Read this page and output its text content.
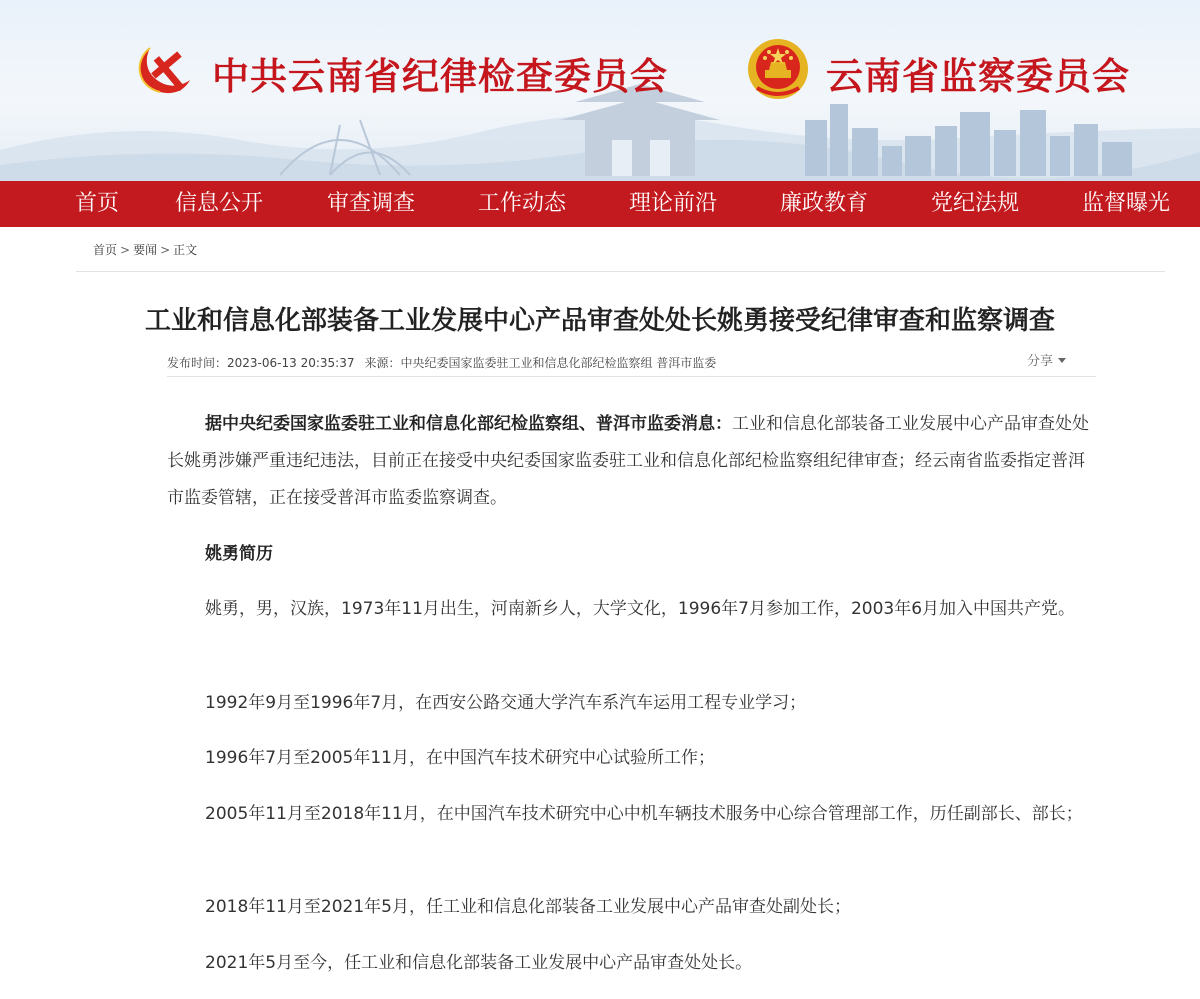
中共云南省纪律检查委员会	云南省监察委员会
首页	信息公开	审查调查	工作动态	理论前沿	廉政教育	党纪法规	监督曝光
首页 > 要闻 > 正文
工业和信息化部装备工业发展中心产品审查处处长姚勇接受纪律审查和监察调查
发布时间：2023-06-13 20:35:37 来源：中央纪委国家监委驻工业和信息化部纪检监察组 普洱市监委	分享

据中央纪委国家监委驻工业和信息化部纪检监察组、普洱市监委消息：工业和信息化部装备工业发展中心产品审查处处长姚勇涉嫌严重违纪违法，目前正在接受中央纪委国家监委驻工业和信息化部纪检监察组纪律审查；经云南省监委指定普洱市监委管辖，正在接受普洱市监委监察调查。

姚勇简历

姚勇，男，汉族，1973年11月出生，河南新乡人，大学文化，1996年7月参加工作，2003年6月加入中国共产党。

1992年9月至1996年7月，在西安公路交通大学汽车系汽车运用工程专业学习；

1996年7月至2005年11月，在中国汽车技术研究中心试验所工作；

2005年11月至2018年11月，在中国汽车技术研究中心中机车辆技术服务中心综合管理部工作，历任副部长、部长；

2018年11月至2021年5月，任工业和信息化部装备工业发展中心产品审查处副处长；

2021年5月至今，任工业和信息化部装备工业发展中心产品审查处处长。
